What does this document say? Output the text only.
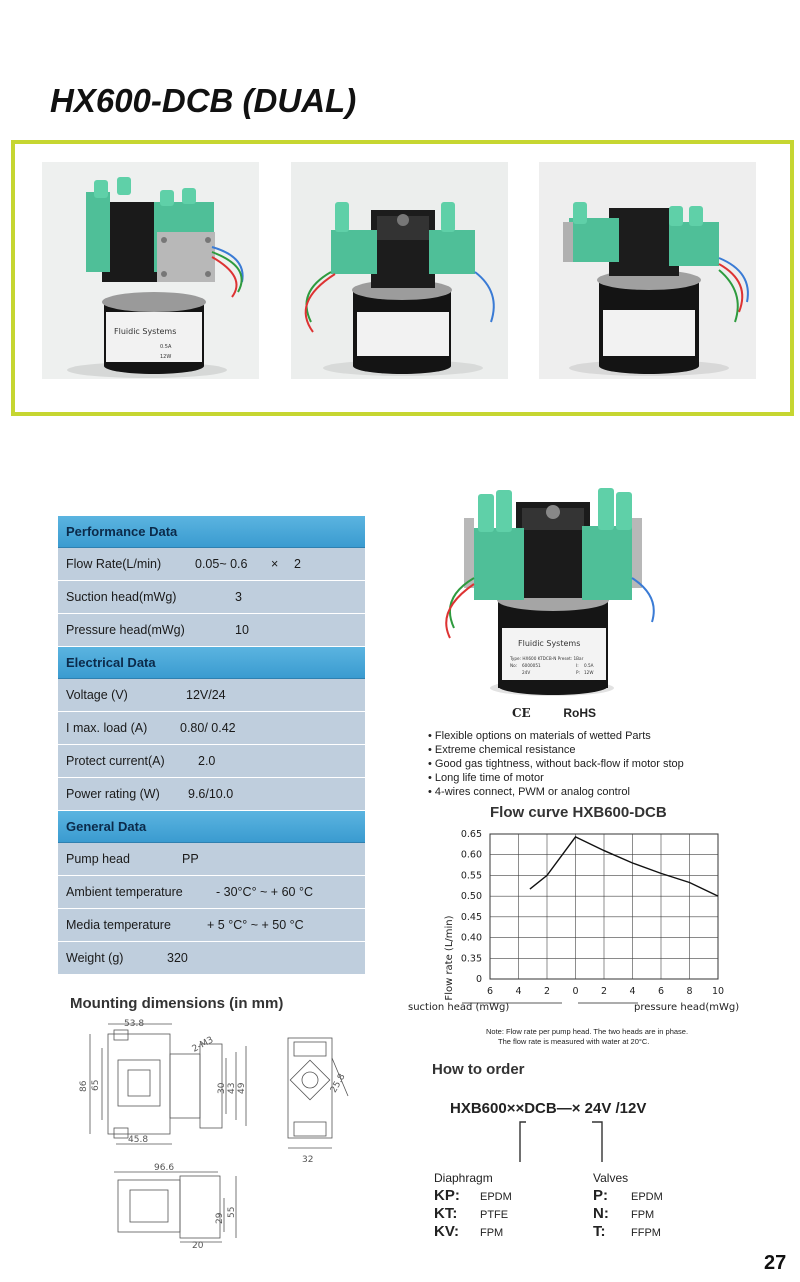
HX600-DCB (DUAL)
Fluidic Systems
0.5A
12W
Performance Data
Flow Rate(L/min)	0.05~ 0.6 × 2
Suction head(mWg)	3
Pressure head(mWg)	10
Electrical Data
Voltage (V)	12V/24
I max. load (A)	0.80/ 0.42
Protect current(A)	2.0
Power rating (W) 9.6/10.0
General Data
Pump head	PP
Ambient temperature	- 30°C° ~ + 60 °C
Media temperature	+ 5 °C° ~ + 50 °C
Weight (g)	320
Mounting dimensions (in mm)
53.8
86 65
45.8
2-M3
30 43 49	25.8
32
96.6
29
55
20
Fluidic Systems
Type: HX600 KTDCB-N Preset: 1Bar
No: 6000051	I: 0.5A
24V	P: 12W
CE	RoHS
• Flexible options on materials of wetted Parts
• Extreme chemical resistance
• Good gas tightness, without back-flow if motor stop
• Long life time of motor
• 4-wires connect, PWM or analog control
Flow curve HXB600-DCB
0
0.35
0.40
0.45
0.50
0.55
0.60
0.65
6 4 2 0 2 4 6 8 10
Flow rate (L/min)
suction head (mWg)	pressure head(mWg)
Note: Flow rate per pump head. The two heads are in phase.
The flow rate is measured with water at 20°C.
How to order
HXB600××DCB—× 24V /12V
Diaphragm
KP: EPDM
KT: PTFE
KV: FPM
Valves
P: EPDM
N: FPM
T: FFPM
27
